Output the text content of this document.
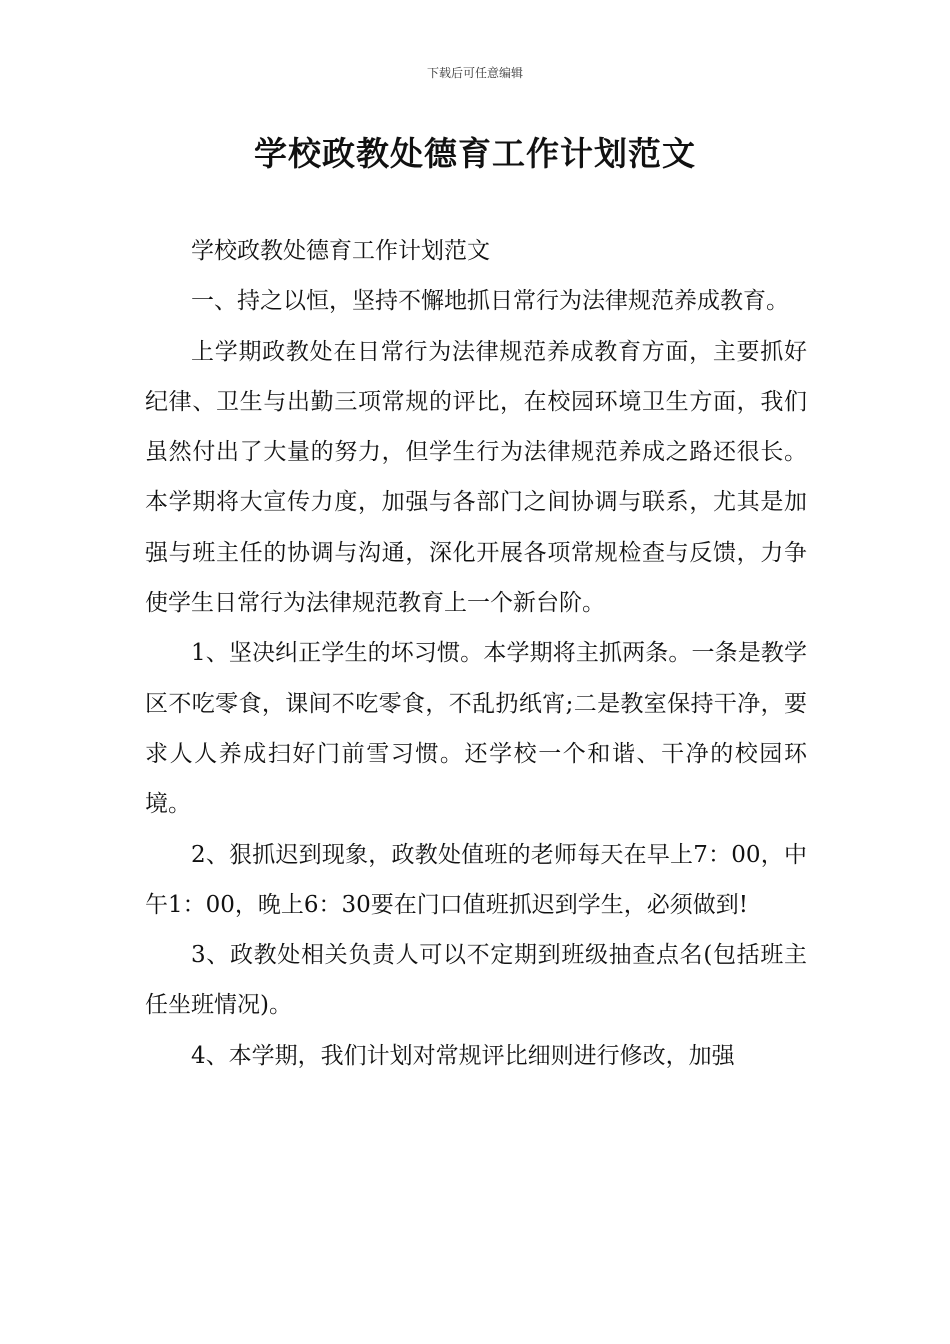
下载后可任意编辑
学校政教处德育工作计划范文

学校政教处德育工作计划范文

一、持之以恒，坚持不懈地抓日常行为法律规范养成教育。

上学期政教处在日常行为法律规范养成教育方面，主要抓好纪律、卫生与出勤三项常规的评比，在校园环境卫生方面，我们虽然付出了大量的努力，但学生行为法律规范养成之路还很长。本学期将大宣传力度，加强与各部门之间协调与联系，尤其是加强与班主任的协调与沟通，深化开展各项常规检查与反馈，力争使学生日常行为法律规范教育上一个新台阶。

1、坚决纠正学生的坏习惯。本学期将主抓两条。一条是教学区不吃零食，课间不吃零食，不乱扔纸宵;二是教室保持干净，要求人人养成扫好门前雪习惯。还学校一个和谐、干净的校园环境。

2、狠抓迟到现象，政教处值班的老师每天在早上7：00，中午1：00，晚上6：30要在门口值班抓迟到学生，必须做到!

3、政教处相关负责人可以不定期到班级抽查点名(包括班主任坐班情况)。

4、本学期，我们计划对常规评比细则进行修改，加强
